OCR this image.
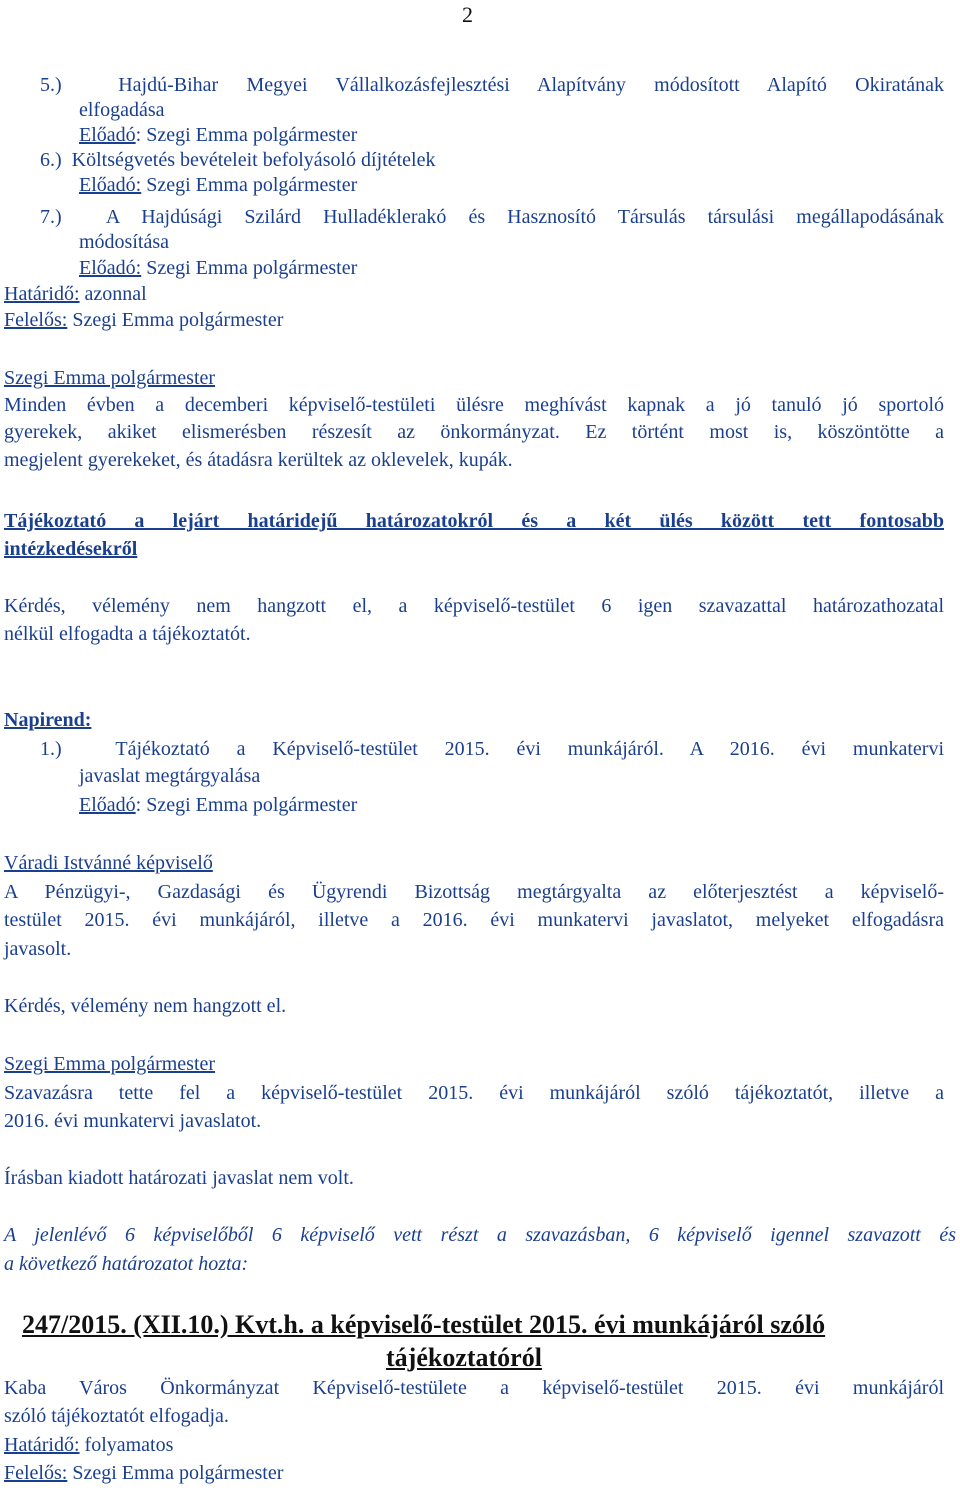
2
5.)	Hajdú-Bihar Megyei Vállalkozásfejlesztési Alapítvány módosított Alapító Okiratának
elfogadása
Előadó: Szegi Emma polgármester
6.) Költségvetés bevételeit befolyásoló díjtételek
Előadó: Szegi Emma polgármester
7.) A Hajdúsági Szilárd Hulladéklerakó és Hasznosító Társulás társulási megállapodásának
módosítása
Előadó: Szegi Emma polgármester
Határidő: azonnal
Felelős: Szegi Emma polgármester
Szegi Emma polgármester
Minden évben a decemberi képviselő-testületi ülésre meghívást kapnak a jó tanuló jó sportoló
gyerekek, akiket elismerésben részesít az önkormányzat. Ez történt most is, köszöntötte a
megjelent gyerekeket, és átadásra kerültek az oklevelek, kupák.
Tájékoztató a lejárt határidejű határozatokról és a két ülés között tett fontosabb
intézkedésekről
Kérdés, vélemény nem hangzott el, a képviselő-testület 6 igen szavazattal határozathozatal
nélkül elfogadta a tájékoztatót.
Napirend:
1.)	Tájékoztató a Képviselő-testület 2015. évi munkájáról. A 2016. évi munkatervi
javaslat megtárgyalása
Előadó: Szegi Emma polgármester
Váradi Istvánné képviselő
A Pénzügyi-, Gazdasági és Ügyrendi Bizottság megtárgyalta az előterjesztést a képviselő-
testület 2015. évi munkájáról, illetve a 2016. évi munkatervi javaslatot, melyeket elfogadásra
javasolt.
Kérdés, vélemény nem hangzott el.
Szegi Emma polgármester
Szavazásra tette fel a képviselő-testület 2015. évi munkájáról szóló tájékoztatót, illetve a
2016. évi munkatervi javaslatot.
Írásban kiadott határozati javaslat nem volt.
A jelenlévő 6 képviselőből 6 képviselő vett részt a szavazásban, 6 képviselő igennel szavazott és
a következő határozatot hozta:
247/2015. (XII.10.) Kvt.h. a képviselő-testület 2015. évi munkájáról szóló
tájékoztatóról
Kaba Város Önkormányzat Képviselő-testülete a képviselő-testület 2015. évi munkájáról
szóló tájékoztatót elfogadja.
Határidő: folyamatos
Felelős: Szegi Emma polgármester
